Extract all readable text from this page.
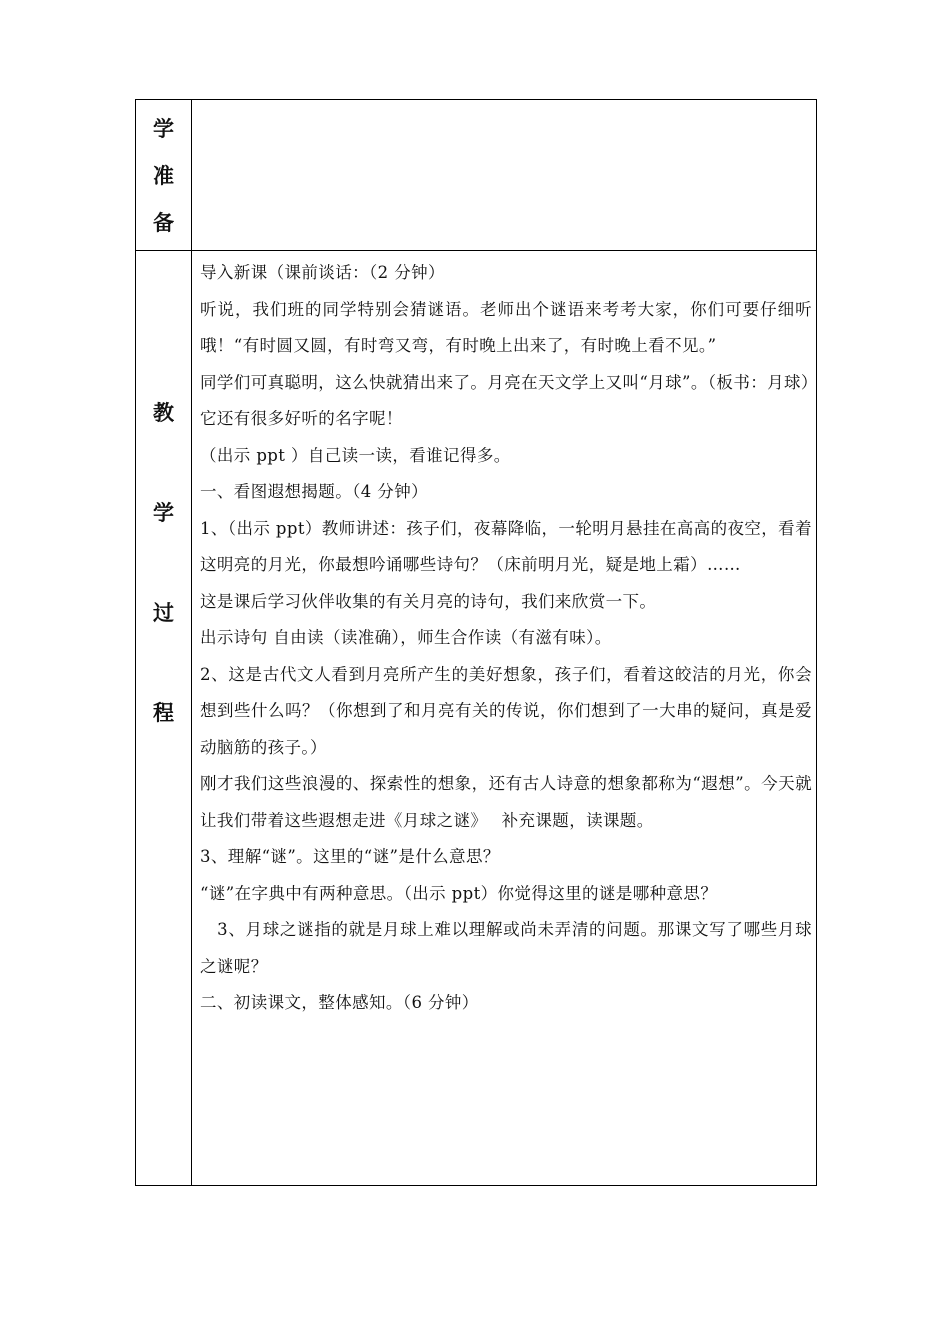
学
准
备
教
学
过
程

导入新课（课前谈话：（2 分钟）

听说，我们班的同学特别会猜谜语。老师出个谜语来考考大家，你们可要仔细听哦！“有时圆又圆，有时弯又弯，有时晚上出来了，有时晚上看不见。”

同学们可真聪明，这么快就猜出来了。月亮在天文学上又叫“月球”。（板书：月球）

它还有很多好听的名字呢！

（出示 ppt ）自己读一读，看谁记得多。

一、看图遐想揭题。（4 分钟）

1、（出示 ppt）教师讲述：孩子们，夜幕降临，一轮明月悬挂在高高的夜空，看着这明亮的月光，你最想吟诵哪些诗句？（床前明月光，疑是地上霜）……

这是课后学习伙伴收集的有关月亮的诗句，我们来欣赏一下。

出示诗句 自由读（读准确），师生合作读（有滋有味）。

2、这是古代文人看到月亮所产生的美好想象，孩子们，看着这皎洁的月光，你会想到些什么吗？（你想到了和月亮有关的传说，你们想到了一大串的疑问，真是爱动脑筋的孩子。）

刚才我们这些浪漫的、探索性的想象，还有古人诗意的想象都称为“遐想”。今天就让我们带着这些遐想走进《月球之谜》　 补充课题，读课题。

3、理解“谜”。这里的“谜”是什么意思？

“谜”在字典中有两种意思。（出示 ppt）你觉得这里的谜是哪种意思？

　3、月球之谜指的就是月球上难以理解或尚未弄清的问题。那课文写了哪些月球之谜呢？

二、初读课文，整体感知。（6 分钟）
